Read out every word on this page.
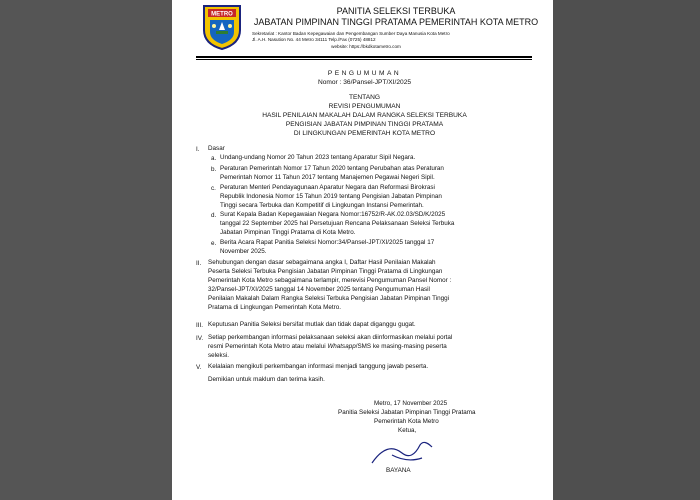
METRO	PANITIA SELEKSI TERBUKA
JABATAN PIMPINAN TINGGI PRATAMA PEMERINTAH KOTA METRO
Sekretariat : Kantor Badan Kepegawaian dan Pengembangan Sumber Daya Manusia Kota Metro
Jl. A.H. Nasution No. 44 Metro 34111 Telp./Fax (0725) 48812
website: https://bkdkotametro.com
PENGUMUMAN
Nomor : 36/Pansel-JPT/XI/2025
TENTANG
REVISI PENGUMUMAN
HASIL PENILAIAN MAKALAH DALAM RANGKA SELEKSI TERBUKA
PENGISIAN JABATAN PIMPINAN TINGGI PRATAMA
DI LINGKUNGAN PEMERINTAH KOTA METRO
I. Dasar
a. Undang-undang Nomor 20 Tahun 2023 tentang Aparatur Sipil Negara.
b. Peraturan Pemerintah Nomor 17 Tahun 2020 tentang Perubahan atas Peraturan
Pemerintah Nomor 11 Tahun 2017 tentang Manajemen Pegawai Negeri Sipil.
c. Peraturan Menteri Pendayagunaan Aparatur Negara dan Reformasi Birokrasi
Republik Indonesia Nomor 15 Tahun 2019 tentang Pengisian Jabatan Pimpinan
Tinggi secara Terbuka dan Kompetitif di Lingkungan Instansi Pemerintah.
d. Surat Kepala Badan Kepegawaian Negara Nomor:16752/R-AK.02.03/SD/K/2025
tanggal 22 September 2025 hal Persetujuan Rencana Pelaksanaan Seleksi Terbuka
Jabatan Pimpinan Tinggi Pratama di Kota Metro.
e. Berita Acara Rapat Panitia Seleksi Nomor:34/Pansel-JPT/XI/2025 tanggal 17
November 2025.
II. Sehubungan dengan dasar sebagaimana angka I, Daftar Hasil Penilaian Makalah
Peserta Seleksi Terbuka Pengisian Jabatan Pimpinan Tinggi Pratama di Lingkungan
Pemerintah Kota Metro sebagaimana terlampir, merevisi Pengumuman Pansel Nomor :
32/Pansel-JPT/XI/2025 tanggal 14 November 2025 tentang Pengumuman Hasil
Penilaian Makalah Dalam Rangka Seleksi Terbuka Pengisian Jabatan Pimpinan Tinggi
Pratama di Lingkungan Pemerintah Kota Metro.
III. Keputusan Panitia Seleksi bersifat mutlak dan tidak dapat diganggu gugat.
IV. Setiap perkembangan informasi pelaksanaan seleksi akan diinformasikan melalui portal
resmi Pemerintah Kota Metro atau melalui Whatsapp/SMS ke masing-masing peserta
seleksi.
V. Kelalaian mengikuti perkembangan informasi menjadi tanggung jawab peserta.
Demikian untuk maklum dan terima kasih.
Metro, 17 November 2025
Panitia Seleksi Jabatan Pimpinan Tinggi Pratama
Pemerintah Kota Metro
Ketua,
BAYANA
